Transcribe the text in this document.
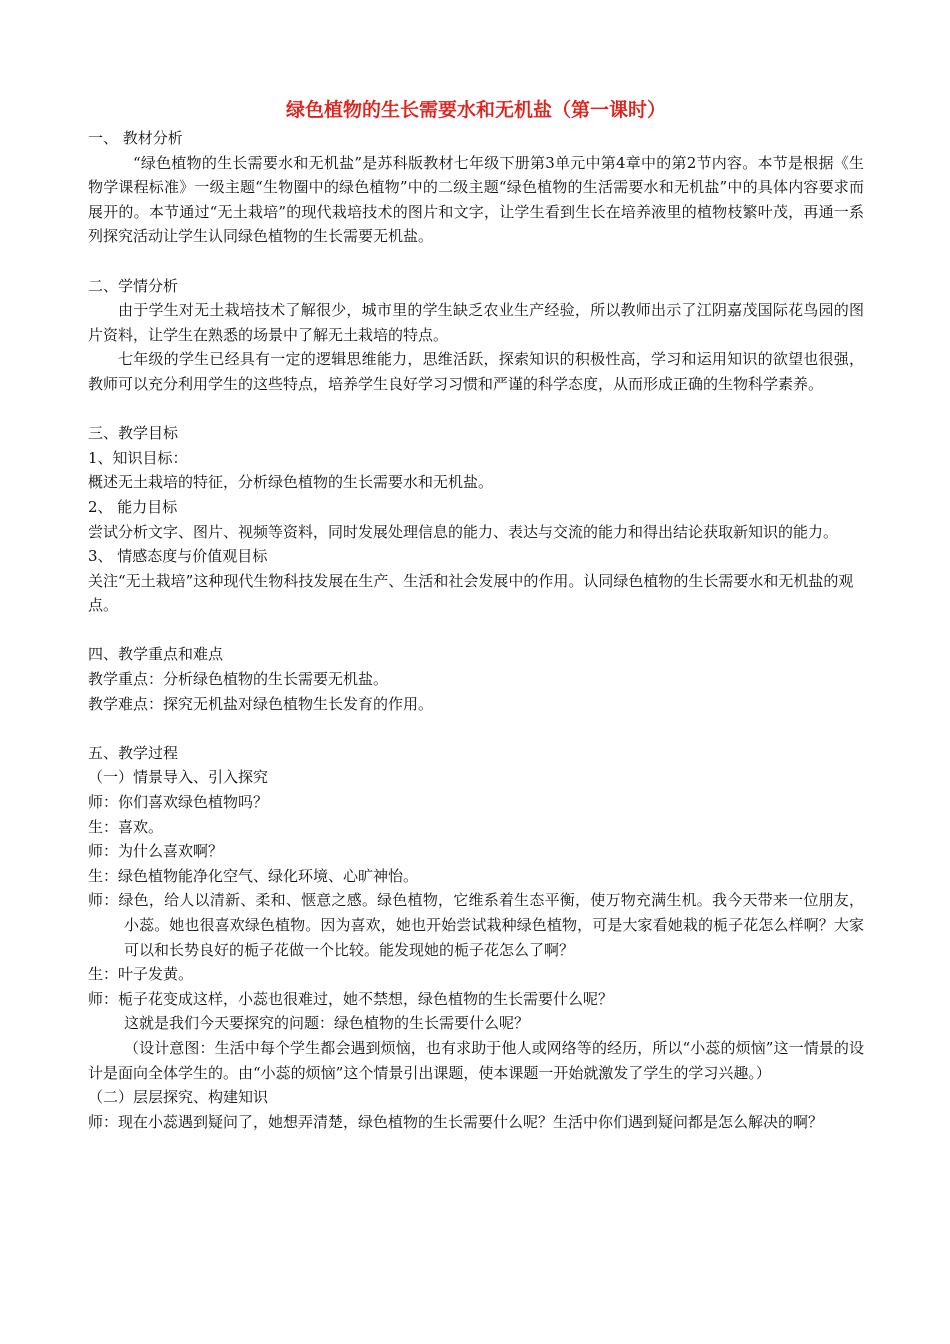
绿色植物的生长需要水和无机盐（第一课时）

一、 教材分析

“绿色植物的生长需要水和无机盐”是苏科版教材七年级下册第3单元中第4章中的第2节内容。本节是根据《生物学课程标准》一级主题“生物圈中的绿色植物”中的二级主题“绿色植物的生活需要水和无机盐”中的具体内容要求而展开的。本节通过“无土栽培”的现代栽培技术的图片和文字，让学生看到生长在培养液里的植物枝繁叶茂，再通一系列探究活动让学生认同绿色植物的生长需要无机盐。

二、学情分析

由于学生对无土栽培技术了解很少，城市里的学生缺乏农业生产经验，所以教师出示了江阴嘉茂国际花鸟园的图片资料，让学生在熟悉的场景中了解无土栽培的特点。

七年级的学生已经具有一定的逻辑思维能力，思维活跃，探索知识的积极性高，学习和运用知识的欲望也很强，教师可以充分利用学生的这些特点，培养学生良好学习习惯和严谨的科学态度，从而形成正确的生物科学素养。

三、教学目标

1、知识目标：

概述无土栽培的特征，分析绿色植物的生长需要水和无机盐。

2、 能力目标

尝试分析文字、图片、视频等资料，同时发展处理信息的能力、表达与交流的能力和得出结论获取新知识的能力。

3、 情感态度与价值观目标

关注“无土栽培”这种现代生物科技发展在生产、生活和社会发展中的作用。认同绿色植物的生长需要水和无机盐的观点。

四、教学重点和难点

教学重点：分析绿色植物的生长需要无机盐。

教学难点：探究无机盐对绿色植物生长发育的作用。

五、教学过程

（一）情景导入、引入探究

师：你们喜欢绿色植物吗？

生：喜欢。

师：为什么喜欢啊？

生：绿色植物能净化空气、绿化环境、心旷神怡。

师：绿色，给人以清新、柔和、惬意之感。绿色植物，它维系着生态平衡，使万物充满生机。我今天带来一位朋友，小蕊。她也很喜欢绿色植物。因为喜欢，她也开始尝试栽种绿色植物，可是大家看她栽的栀子花怎么样啊？大家可以和长势良好的栀子花做一个比较。能发现她的栀子花怎么了啊？

生：叶子发黄。

师：栀子花变成这样，小蕊也很难过，她不禁想，绿色植物的生长需要什么呢？

这就是我们今天要探究的问题：绿色植物的生长需要什么呢？

（设计意图：生活中每个学生都会遇到烦恼，也有求助于他人或网络等的经历，所以“小蕊的烦恼”这一情景的设计是面向全体学生的。由“小蕊的烦恼”这个情景引出课题，使本课题一开始就激发了学生的学习兴趣。）

（二）层层探究、构建知识

师：现在小蕊遇到疑问了，她想弄清楚，绿色植物的生长需要什么呢？生活中你们遇到疑问都是怎么解决的啊？
